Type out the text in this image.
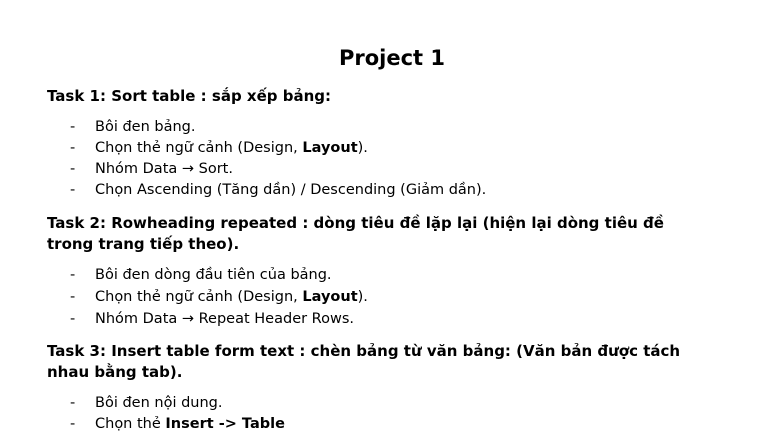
Project 1
Task 1: Sort table : sắp xếp bảng:
- Bôi đen bảng.
- Chọn thẻ ngữ cảnh (Design, Layout).
- Nhóm Data → Sort.
- Chọn Ascending (Tăng dần) / Descending (Giảm dần).
Task 2: Rowheading repeated : dòng tiêu đề lặp lại (hiện lại dòng tiêu đề
trong trang tiếp theo).
- Bôi đen dòng đầu tiên của bảng.
- Chọn thẻ ngữ cảnh (Design, Layout).
- Nhóm Data → Repeat Header Rows.
Task 3: Insert table form text : chèn bảng từ văn bảng: (Văn bản được tách
nhau bằng tab).
- Bôi đen nội dung.
- Chọn thẻ Insert -> Table
